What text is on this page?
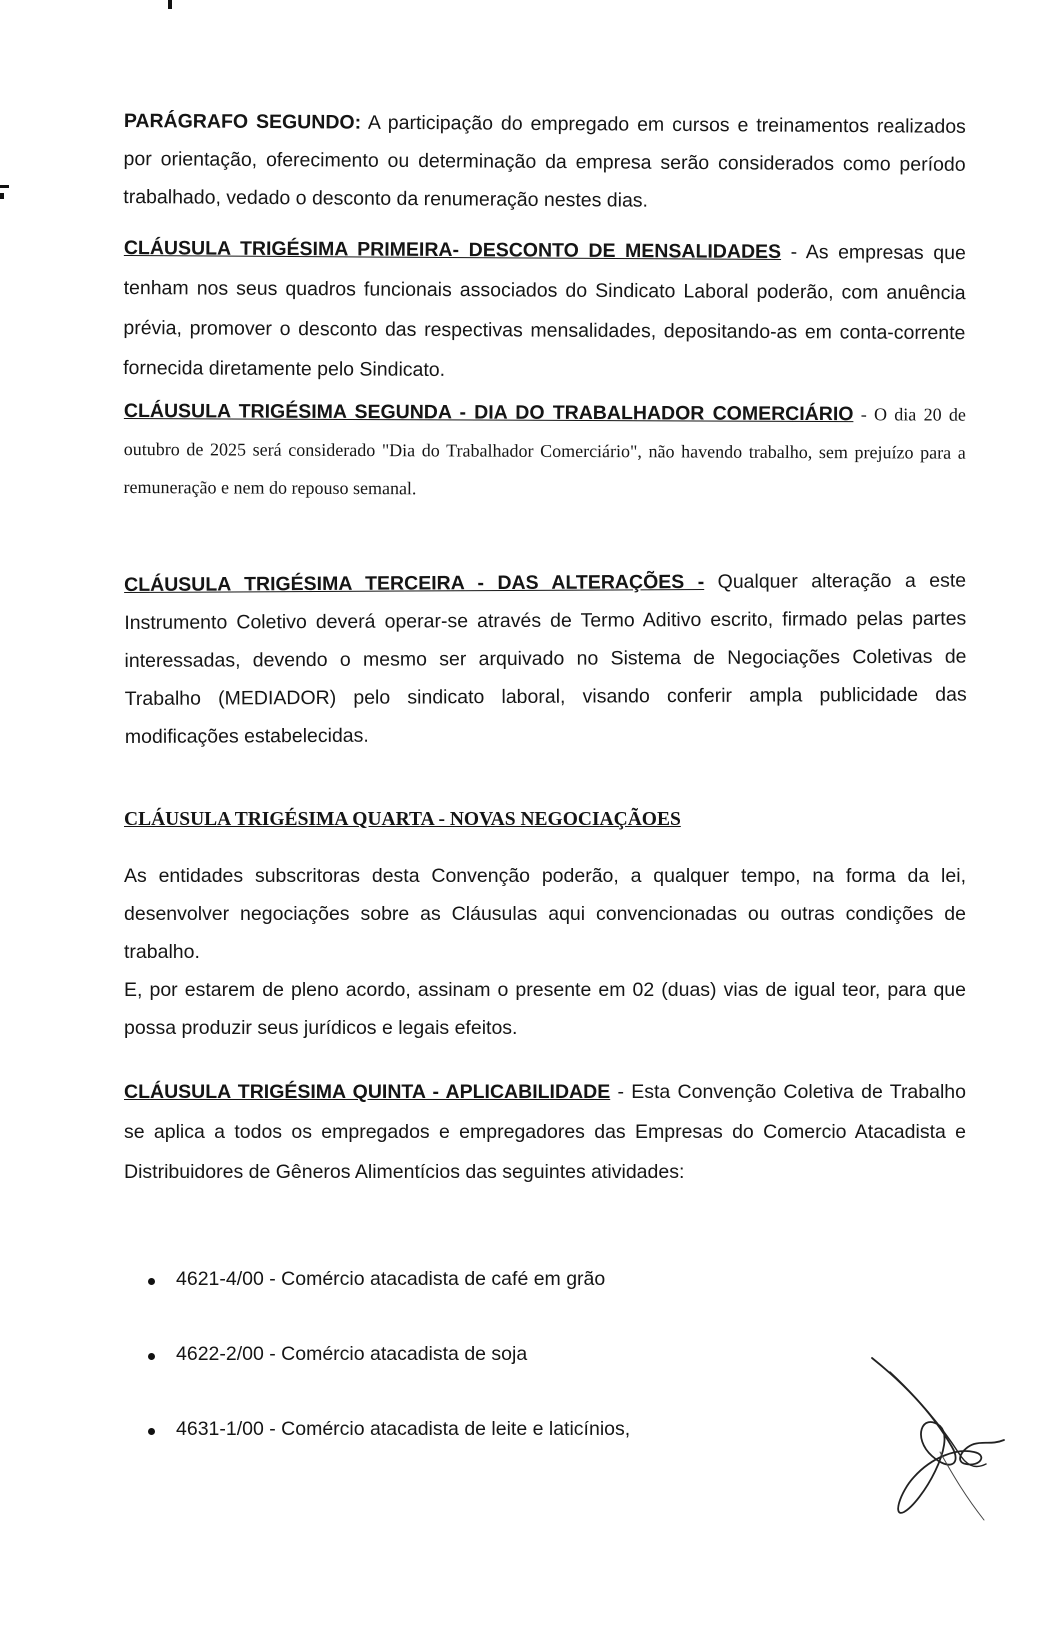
PARÁGRAFO SEGUNDO: A participação do empregado em cursos e treinamentos realizados por orientação, oferecimento ou determinação da empresa serão considerados como período trabalhado, vedado o desconto da renumeração nestes dias.

CLÁUSULA TRIGÉSIMA PRIMEIRA- DESCONTO DE MENSALIDADES - As empresas que tenham nos seus quadros funcionais associados do Sindicato Laboral poderão, com anuência prévia, promover o desconto das respectivas mensalidades, depositando-as em conta-corrente fornecida diretamente pelo Sindicato.

CLÁUSULA TRIGÉSIMA SEGUNDA - DIA DO TRABALHADOR COMERCIÁRIO - O dia 20 de outubro de 2025 será considerado "Dia do Trabalhador Comerciário", não havendo trabalho, sem prejuízo para a remuneração e nem do repouso semanal.

CLÁUSULA TRIGÉSIMA TERCEIRA - DAS ALTERAÇÕES - Qualquer alteração a este Instrumento Coletivo deverá operar-se através de Termo Aditivo escrito, firmado pelas partes interessadas, devendo o mesmo ser arquivado no Sistema de Negociações Coletivas de Trabalho (MEDIADOR) pelo sindicato laboral, visando conferir ampla publicidade das modificações estabelecidas.

CLÁUSULA TRIGÉSIMA QUARTA - NOVAS NEGOCIAÇÃOES

As entidades subscritoras desta Convenção poderão, a qualquer tempo, na forma da lei, desenvolver negociações sobre as Cláusulas aqui convencionadas ou outras condições de trabalho.

E, por estarem de pleno acordo, assinam o presente em 02 (duas) vias de igual teor, para que possa produzir seus jurídicos e legais efeitos.

CLÁUSULA TRIGÉSIMA QUINTA - APLICABILIDADE - Esta Convenção Coletiva de Trabalho se aplica a todos os empregados e empregadores das Empresas do Comercio Atacadista e Distribuidores de Gêneros Alimentícios das seguintes atividades:

4621-4/00 - Comércio atacadista de café em grão
4622-2/00 - Comércio atacadista de soja
4631-1/00 - Comércio atacadista de leite e laticínios,
